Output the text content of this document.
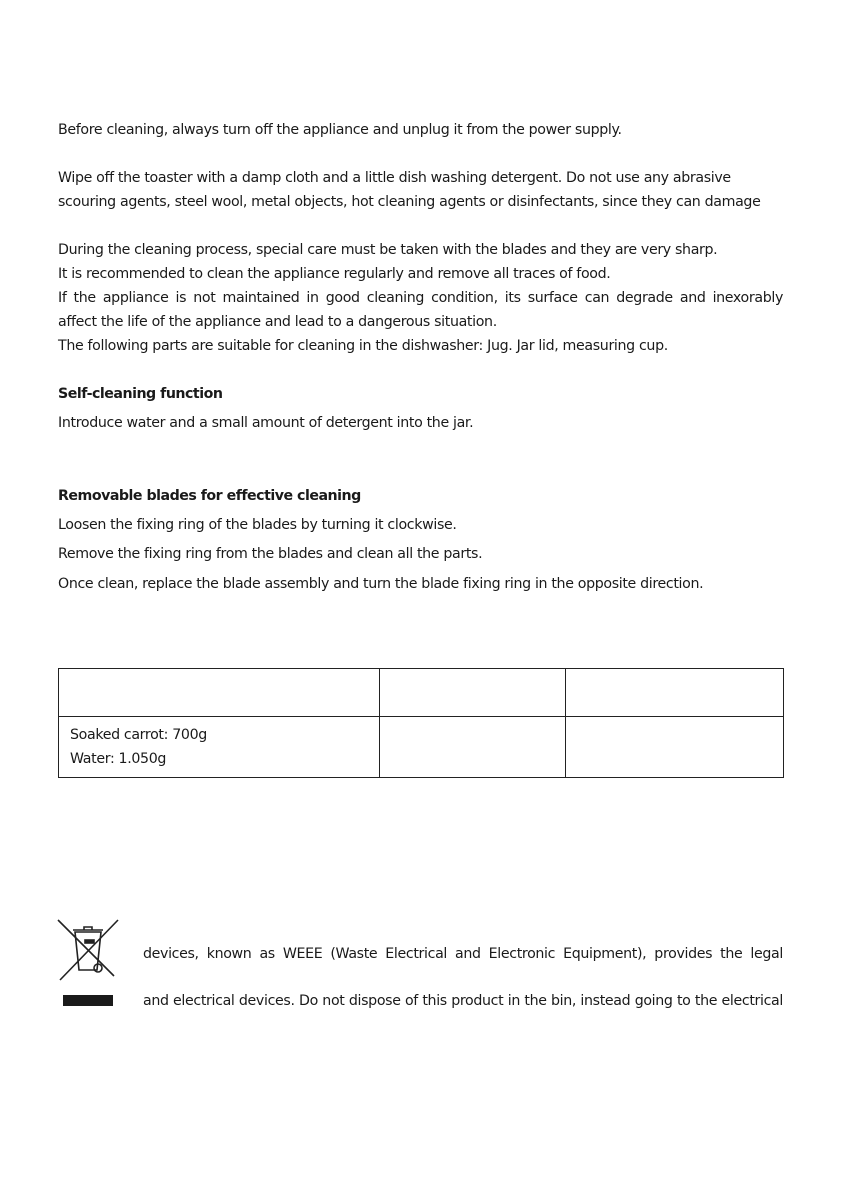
Before cleaning, always turn off the appliance and unplug it from the power supply.
Wipe off the toaster with a damp cloth and a little dish washing detergent. Do not use any abrasive
scouring agents, steel wool, metal objects, hot cleaning agents or disinfectants, since they can damage
During the cleaning process, special care must be taken with the blades and they are very sharp.
It is recommended to clean the appliance regularly and remove all traces of food.
If the appliance is not maintained in good cleaning condition, its surface can degrade and inexorably
affect the life of the appliance and lead to a dangerous situation.
The following parts are suitable for cleaning in the dishwasher: Jug. Jar lid, measuring cup.
Self-cleaning function
Introduce water and a small amount of detergent into the jar.
Removable blades for effective cleaning
Loosen the fixing ring of the blades by turning it clockwise.
Remove the fixing ring from the blades and clean all the parts.
Once clean, replace the blade assembly and turn the blade fixing ring in the opposite direction.

Soaked carrot: 700g
Water: 1.050g		

devices, known as WEEE (Waste Electrical and Electronic Equipment), provides the legal
and electrical devices. Do not dispose of this product in the bin, instead going to the electrical
